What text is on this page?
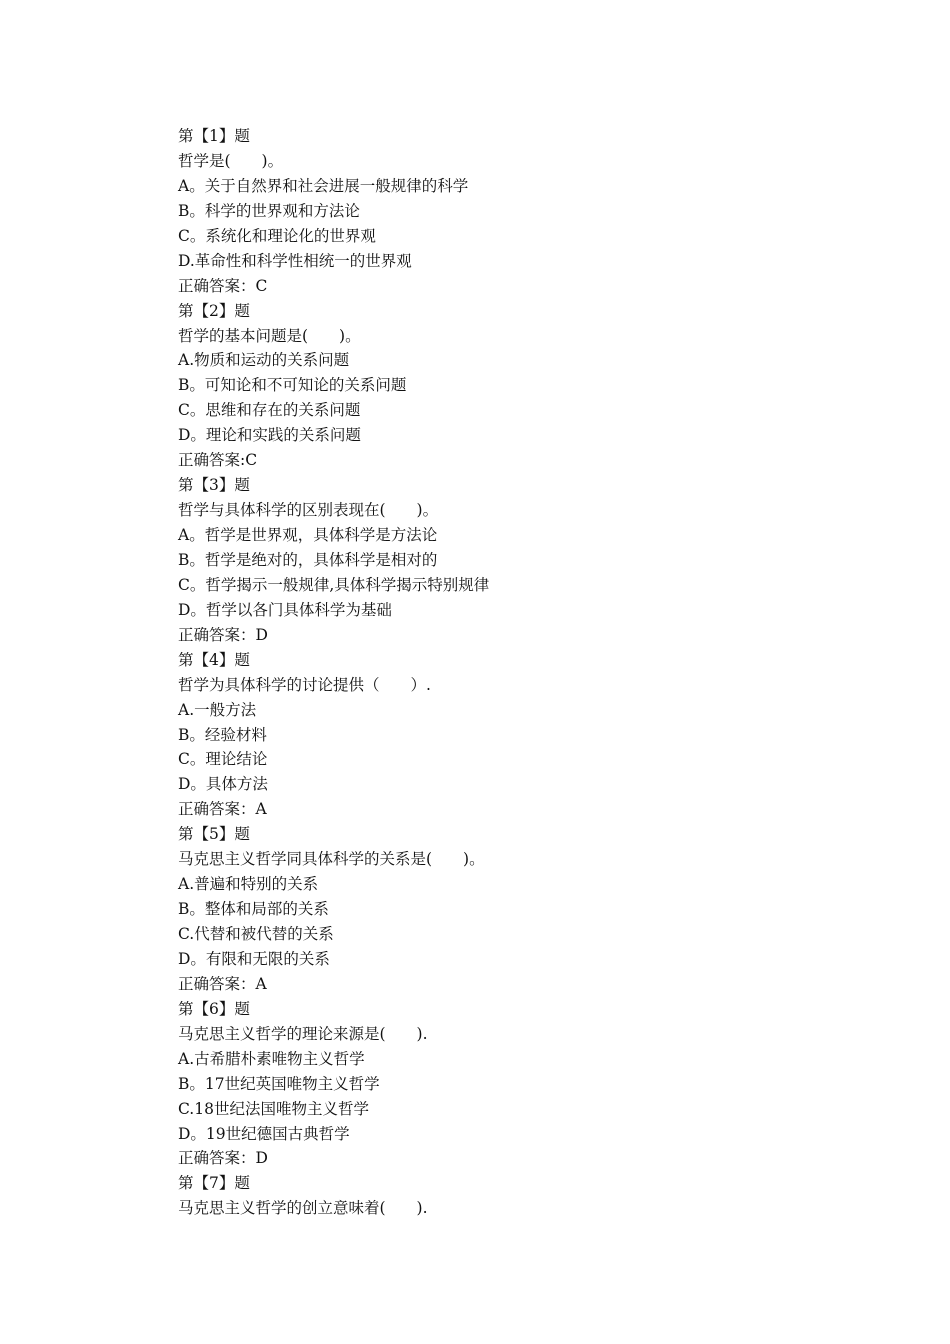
第【1】题
哲学是(　　)。
A。关于自然界和社会进展一般规律的科学
B。科学的世界观和方法论
C。系统化和理论化的世界观
D.革命性和科学性相统一的世界观
正确答案：C
第【2】题
哲学的基本问题是(　　)。
A.物质和运动的关系问题
B。可知论和不可知论的关系问题
C。思维和存在的关系问题
D。理论和实践的关系问题
正确答案:C
第【3】题
哲学与具体科学的区别表现在(　　)。
A。哲学是世界观，具体科学是方法论
B。哲学是绝对的，具体科学是相对的
C。哲学揭示一般规律,具体科学揭示特别规律
D。哲学以各门具体科学为基础
正确答案：D
第【4】题
哲学为具体科学的讨论提供（　　）.
A.一般方法
B。经验材料
C。理论结论
D。具体方法
正确答案：A
第【5】题
马克思主义哲学同具体科学的关系是(　　)。
A.普遍和特别的关系
B。整体和局部的关系
C.代替和被代替的关系
D。有限和无限的关系
正确答案：A
第【6】题
马克思主义哲学的理论来源是(　　).
A.古希腊朴素唯物主义哲学
B。17世纪英国唯物主义哲学
C.18世纪法国唯物主义哲学
D。19世纪德国古典哲学
正确答案：D
第【7】题
马克思主义哲学的创立意味着(　　).
